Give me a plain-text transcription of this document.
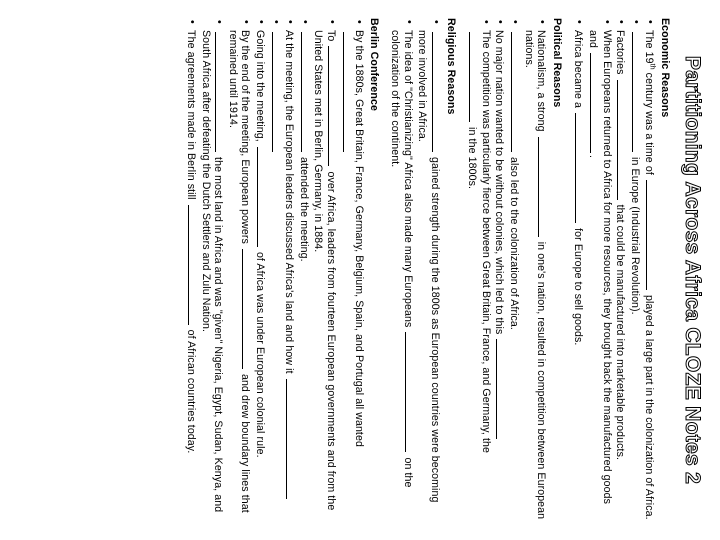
Partitioning Across Africa CLOZE Notes 2
Economic Reasons
• The 19th century was a time of  played a large part in the colonization of Africa.
• in Europe (Industrial Revolution).
• Factories  that could be manufactured into marketable products.
• When Europeans returned to Africa for more resources, they brought back the manufactured goods and .
• Africa became a  for Europe to sell goods.
Political Reasons
• Nationalism, a strong  in one's nation, resulted in competition between European nations.
• also led to the colonization of Africa.
• No major nation wanted to be without colonies, which led to this
• The competition was particularly fierce between Great Britain, France, and Germany, the  in the 1800s.
Religious Reasons
• gained strength during the 1800s as European countries were becoming more involved in Africa.
• The idea of "Christianizing" Africa also made many Europeans  on the colonization of the continent.
Berlin Conference
• By the 1880s, Great Britain, France, Germany, Belgium, Spain, and Portugal all wanted
• To  over Africa, leaders from fourteen European governments and from the United States met in Berlin, Germany, in 1884.
• attended the meeting.
• At the meeting, the European leaders discussed Africa's land and how it
•
• Going into the meeting,  of Africa was under European colonial rule.
• By the end of the meeting, European powers  and drew boundary lines that remained until 1914.
• the most land in Africa and was "given" Nigeria, Egypt, Sudan, Kenya, and South Africa after defeating the Dutch Settlers and Zulu Nation.
• The agreements made in Berlin still  of African countries today.
